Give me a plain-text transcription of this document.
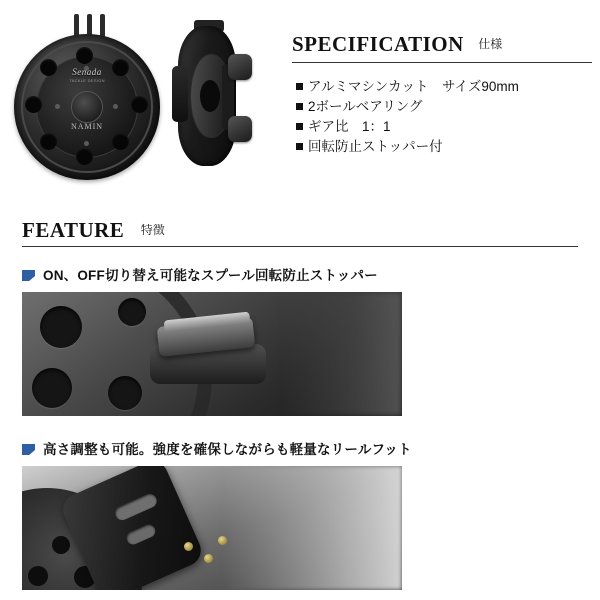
Senada
TACKLE DESIGN
NAMIN
SPECIFICATION 仕様
アルミマシンカット　サイズ90mm
2ボールベアリング
ギア比　1：1
回転防止ストッパー付
FEATURE 特徴
ON、OFF切り替え可能なスプール回転防止ストッパー
高さ調整も可能。強度を確保しながらも軽量なリールフット
